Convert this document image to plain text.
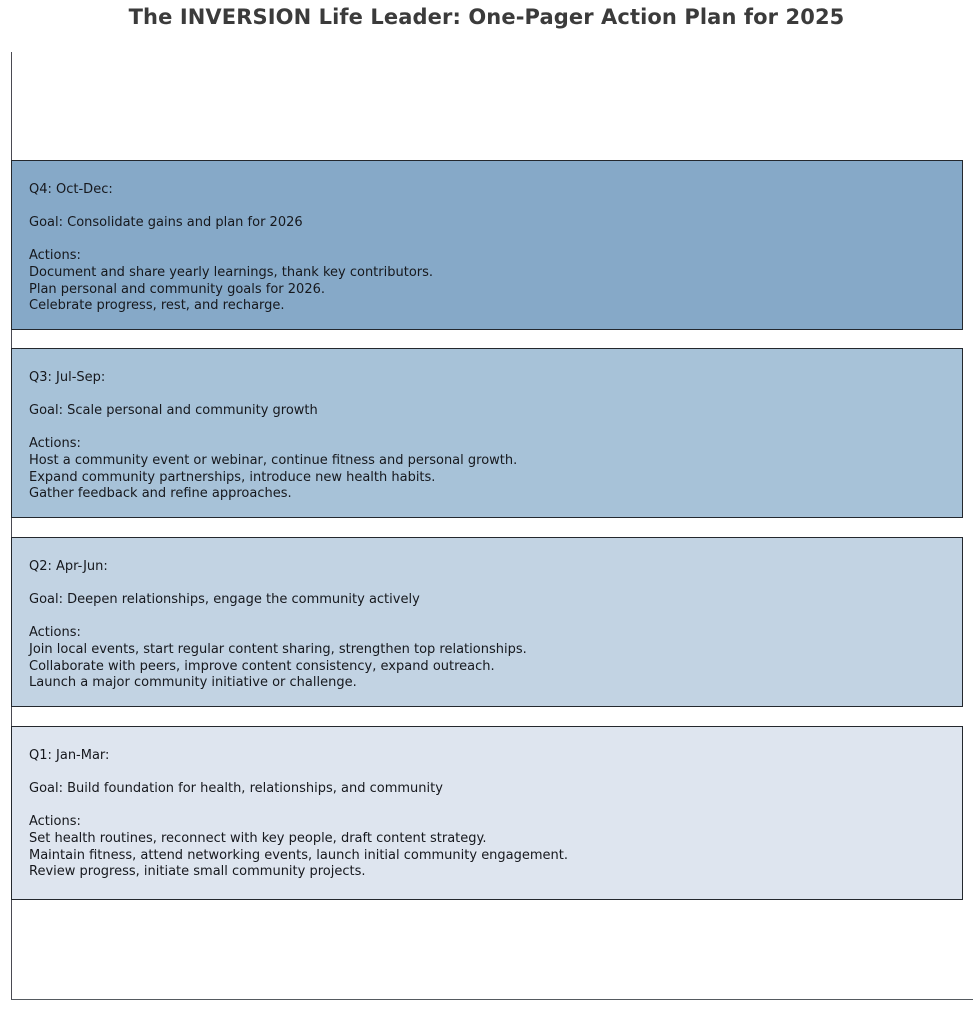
The INVERSION Life Leader: One-Pager Action Plan for 2025

Q4: Oct-Dec:

Goal: Consolidate gains and plan for 2026

Actions:

Document and share yearly learnings, thank key contributors.

Plan personal and community goals for 2026.

Celebrate progress, rest, and recharge.

Q3: Jul-Sep:

Goal: Scale personal and community growth

Actions:

Host a community event or webinar, continue fitness and personal growth.

Expand community partnerships, introduce new health habits.

Gather feedback and refine approaches.

Q2: Apr-Jun:

Goal: Deepen relationships, engage the community actively

Actions:

Join local events, start regular content sharing, strengthen top relationships.

Collaborate with peers, improve content consistency, expand outreach.

Launch a major community initiative or challenge.

Q1: Jan-Mar:

Goal: Build foundation for health, relationships, and community

Actions:

Set health routines, reconnect with key people, draft content strategy.

Maintain fitness, attend networking events, launch initial community engagement.

Review progress, initiate small community projects.
